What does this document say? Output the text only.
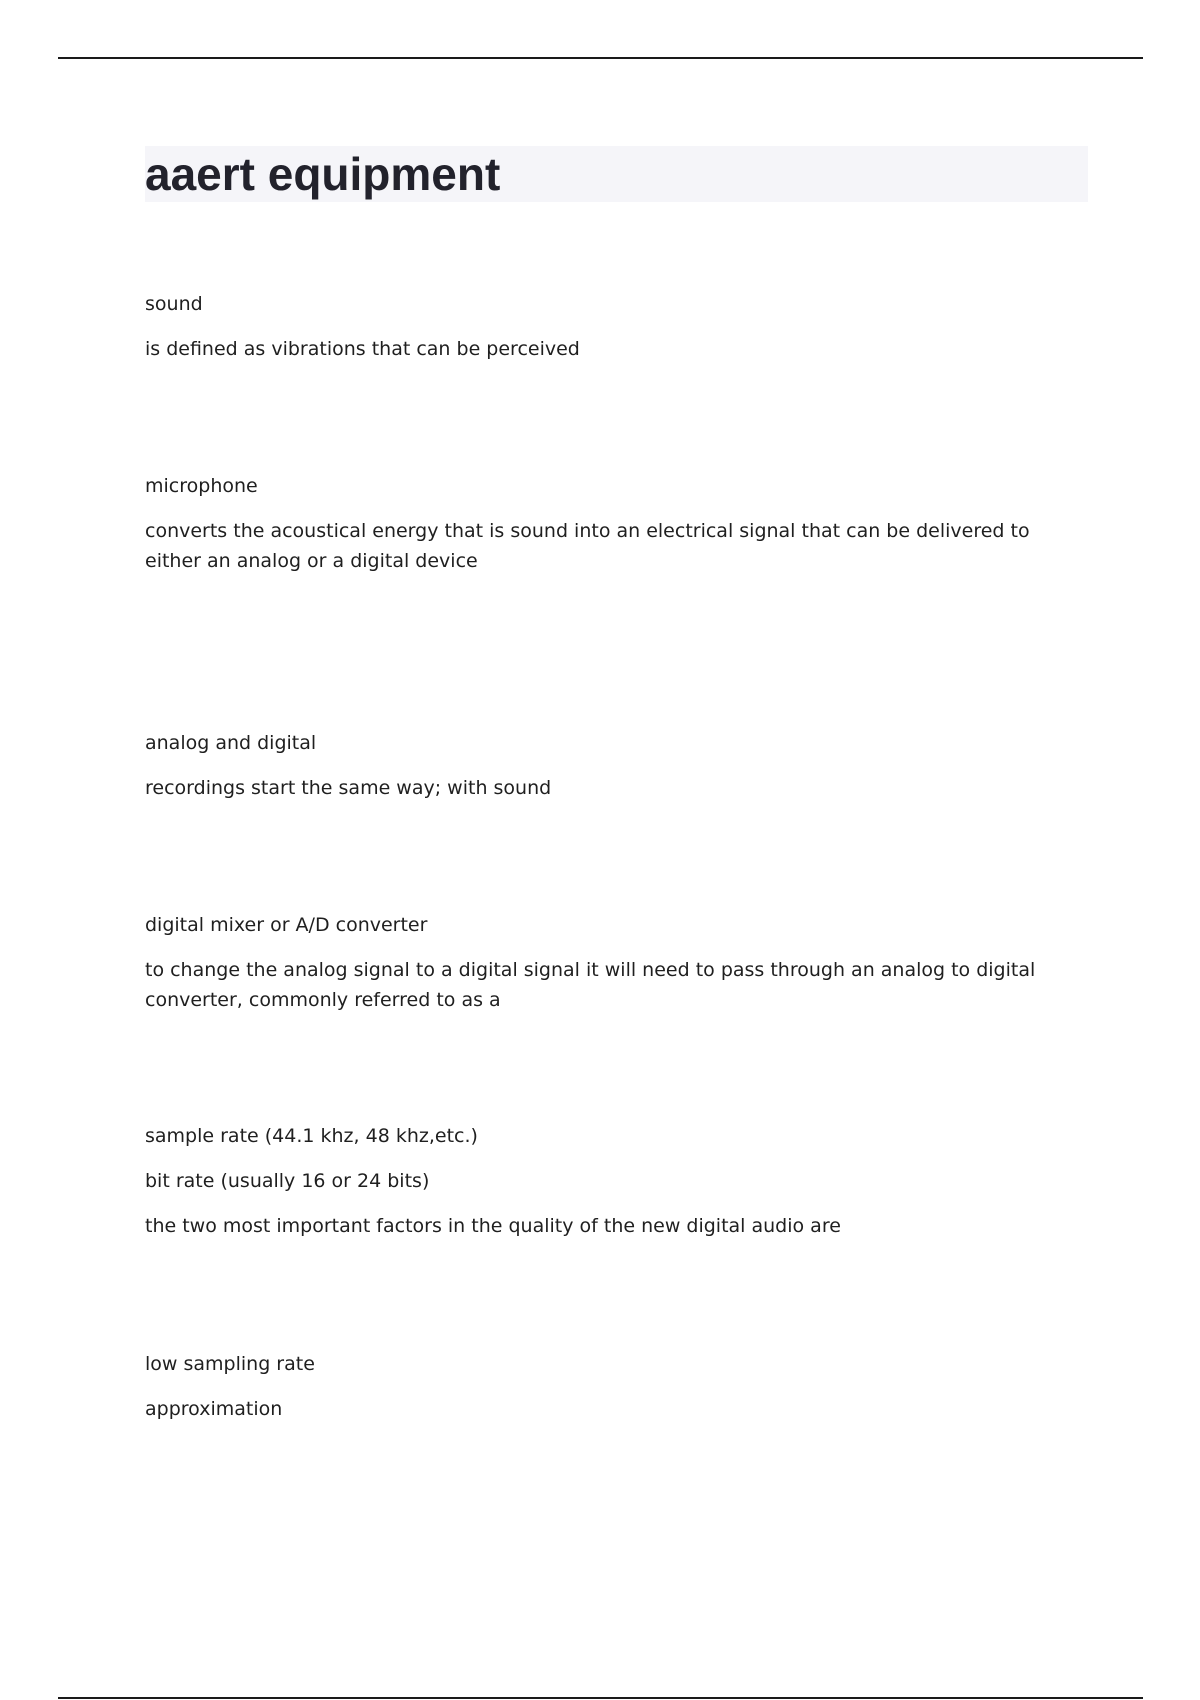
aaert equipment

sound

is defined as vibrations that can be perceived

microphone

converts the acoustical energy that is sound into an electrical signal that can be delivered to either an analog or a digital device

analog and digital

recordings start the same way; with sound

digital mixer or A/D converter

to change the analog signal to a digital signal it will need to pass through an analog to digital converter, commonly referred to as a

sample rate (44.1 khz, 48 khz,etc.)

bit rate (usually 16 or 24 bits)

the two most important factors in the quality of the new digital audio are

low sampling rate

approximation
